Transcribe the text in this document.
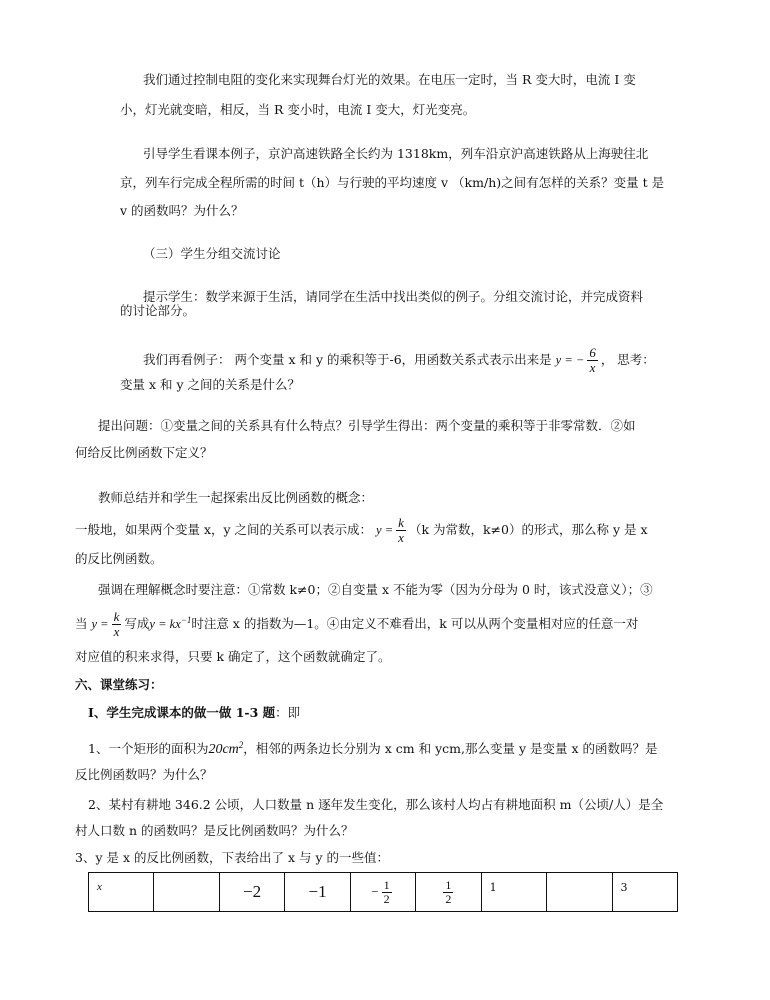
我们通过控制电阻的变化来实现舞台灯光的效果。在电压一定时，当 R 变大时，电流 I 变
小，灯光就变暗，相反，当 R 变小时，电流 I 变大，灯光变亮。
引导学生看课本例子，京沪高速铁路全长约为 1318km，列车沿京沪高速铁路从上海驶往北
京，列车行完成全程所需的时间 t（h）与行驶的平均速度 v （km/h)之间有怎样的关系？变量 t 是
v 的函数吗？为什么？
（三）学生分组交流讨论
提示学生：数学来源于生活，请同学在生活中找出类似的例子。分组交流讨论，并完成资料
的讨论部分。
我们再看例子： 两个变量 x 和 y 的乘积等于-6，用函数关系式表示出来是 y = − $\frac{6}{x}$ ， 思考：
变量 x 和 y 之间的关系是什么？
提出问题：①变量之间的关系具有什么特点？引导学生得出：两个变量的乘积等于非零常数．②如
何给反比例函数下定义？
教师总结并和学生一起探索出反比例函数的概念：
一般地，如果两个变量 x，y 之间的关系可以表示成： $y = \frac{k}{x} (k$ 为常数，k≠0）的形式，那么称 y 是 x
的反比例函数。
强调在理解概念时要注意：①常数 k≠0；②自变量 x 不能为零（因为分母为 0 时，该式没意义）；③
当 $y = \frac{k}{x}$ 写成$y = kx^{-1}$时注意 x 的指数为—1。④由定义不难看出，k 可以从两个变量相对应的任意一对
对应值的积来求得，只要 k 确定了，这个函数就确定了。
六、课堂练习：
I、学生完成课本的做一做 1-3 题：即
1、一个矩形的面积为$20cm^2$，相邻的两条边长分别为 x cm 和 ycm,那么变量 y 是变量 x 的函数吗？是
反比例函数吗？为什么？
2、某村有耕地 346.2 公顷，人口数量 n 逐年发生变化，那么该村人均占有耕地面积 m（公顷/人）是全
村人口数 n 的函数吗？是反比例函数吗？为什么？
3、y 是 x 的反比例函数，下表给出了 x 与 y 的一些值：
x		−2	−1	− $\frac{1}{2}$	$\frac{1}{2}$	1		3
